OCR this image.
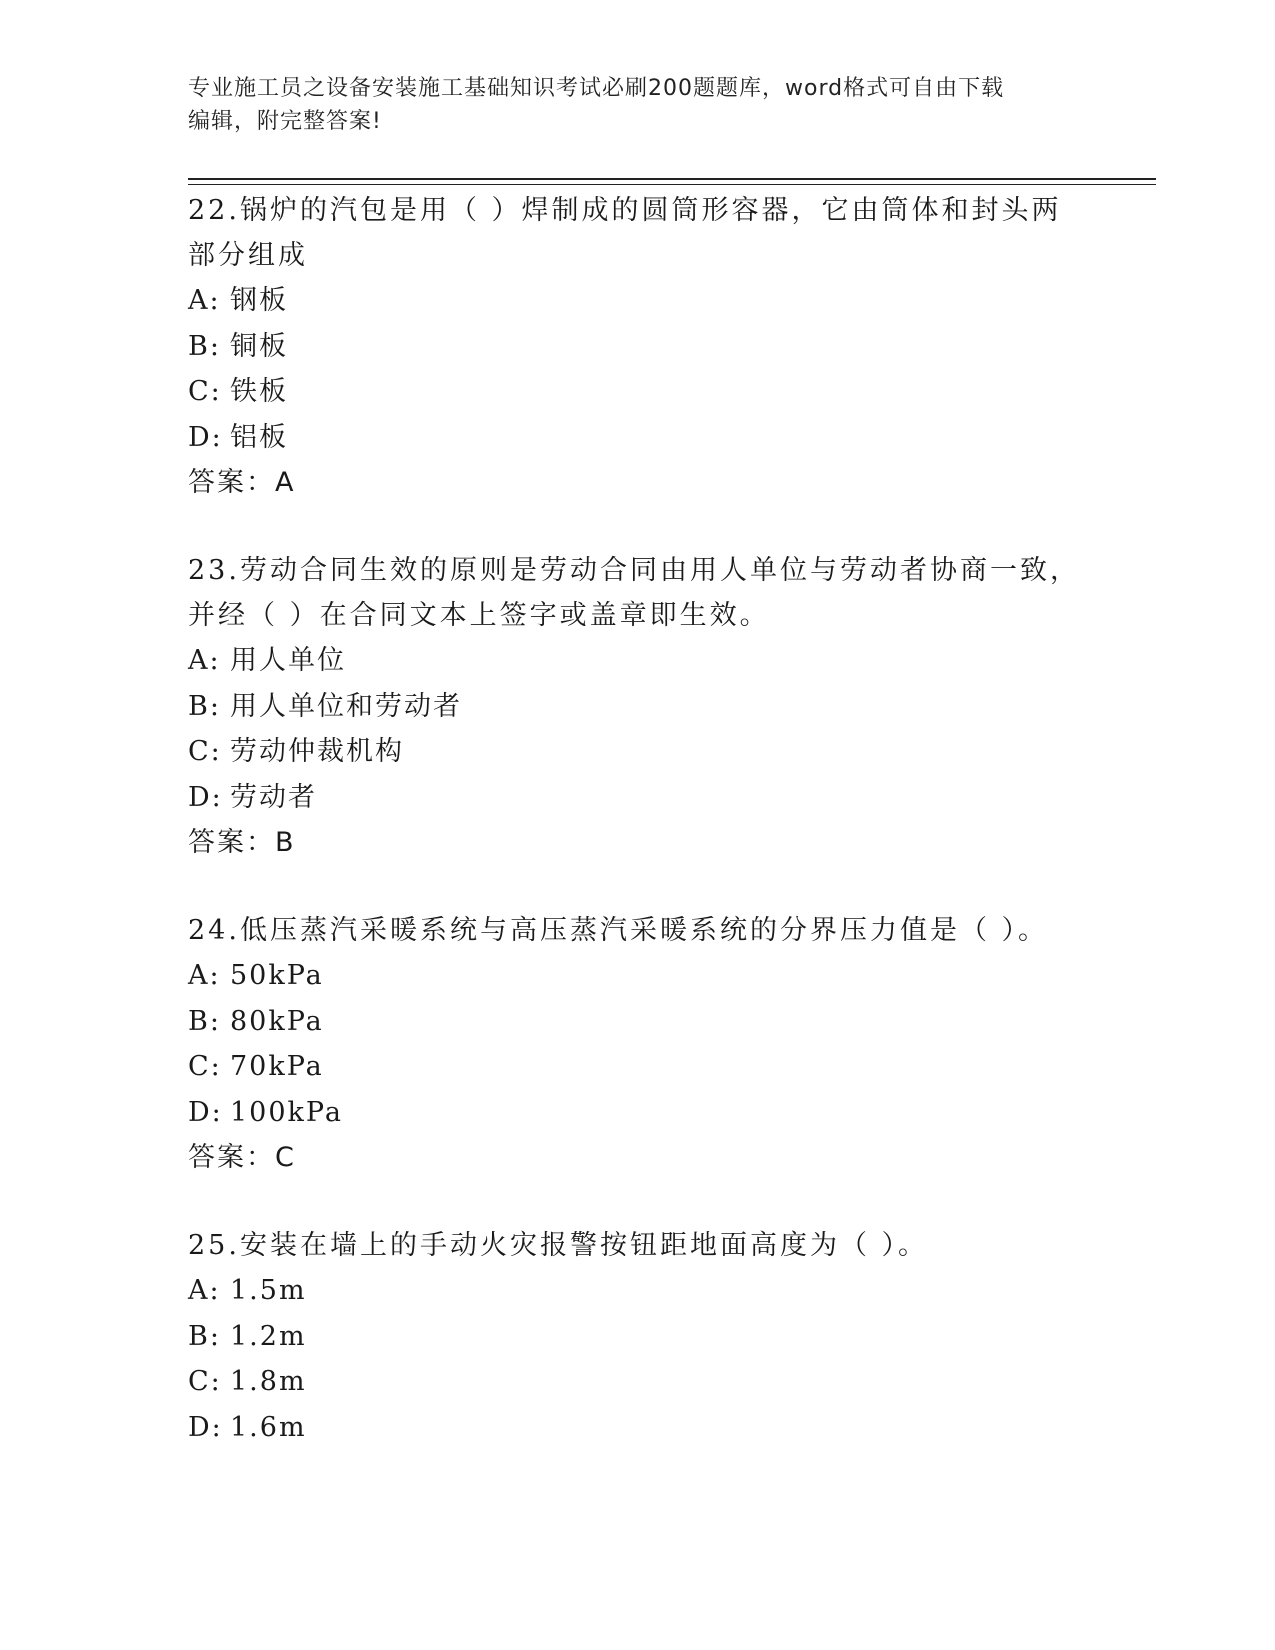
专业施工员之设备安装施工基础知识考试必刷200题题库，word格式可自由下载
编辑，附完整答案!

22.锅炉的汽包是用（ ）焊制成的圆筒形容器，它由筒体和封头两部分组成

A: 钢板

B: 铜板

C: 铁板

D: 铝板

答案：A

23.劳动合同生效的原则是劳动合同由用人单位与劳动者协商一致，并经（ ）在合同文本上签字或盖章即生效。

A: 用人单位

B: 用人单位和劳动者

C: 劳动仲裁机构

D: 劳动者

答案：B

24.低压蒸汽采暖系统与高压蒸汽采暖系统的分界压力值是（ ）。

A: 50kPa

B: 80kPa

C: 70kPa

D: 100kPa

答案：C

25.安装在墙上的手动火灾报警按钮距地面高度为（ ）。

A: 1.5m

B: 1.2m

C: 1.8m

D: 1.6m
